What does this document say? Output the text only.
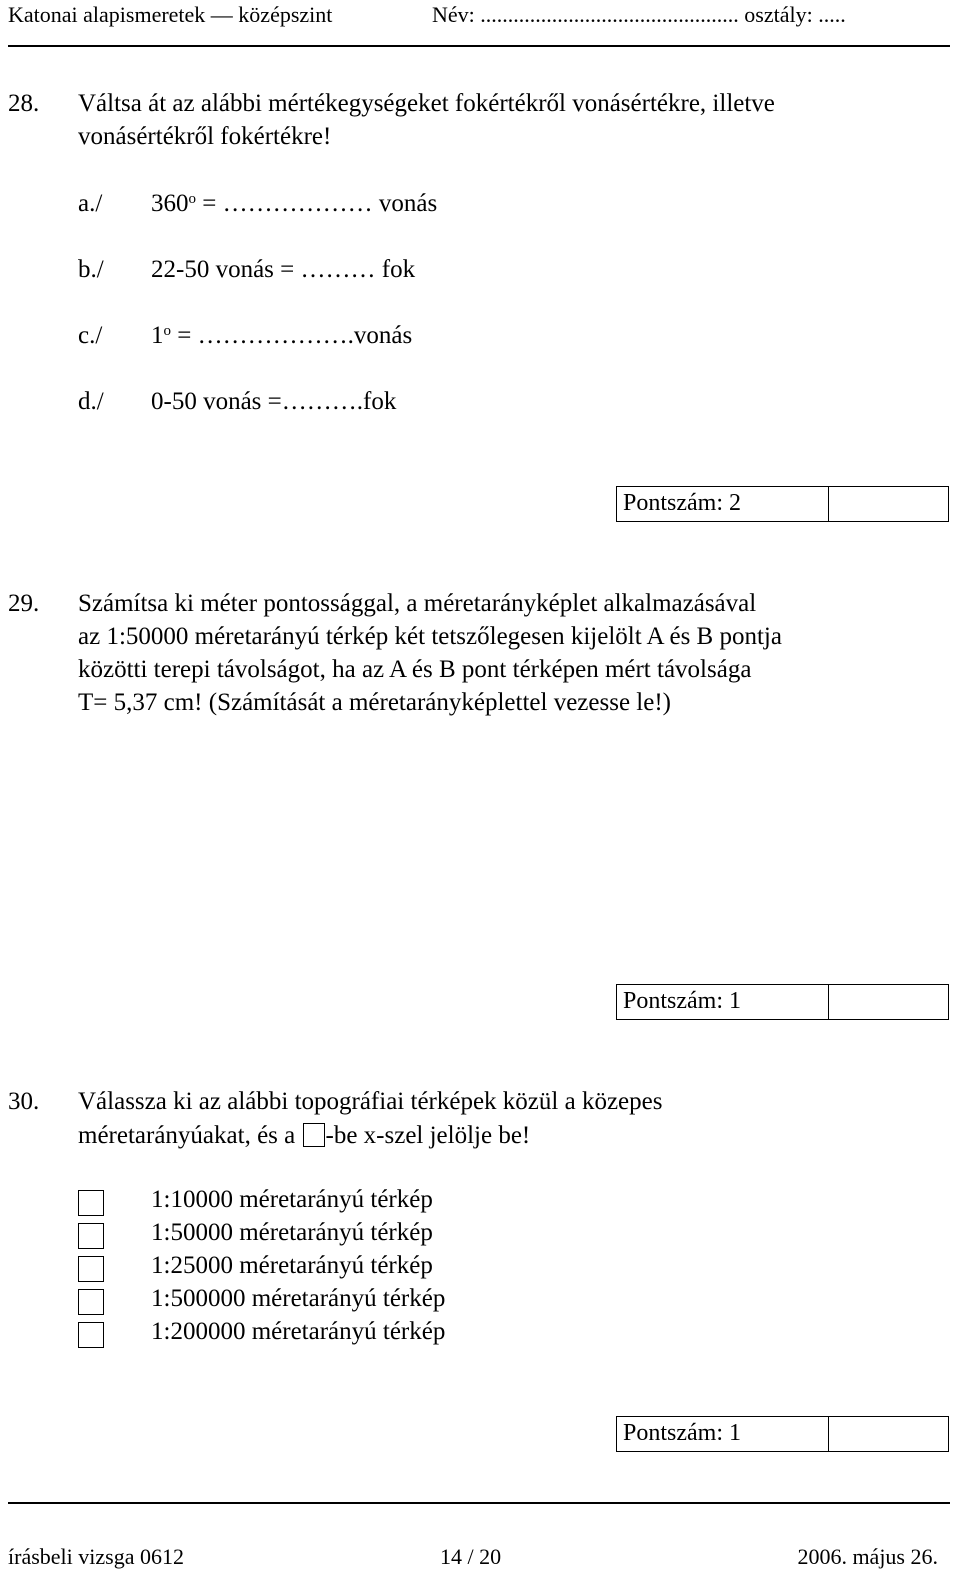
Katonai alapismeretek — középszint	Név: ............................................... osztály: .....
28. Váltsa át az alábbi mértékegységeket fokértékről vonásértékre, illetve
vonásértékről fokértékre!
a./ $360^o$ = ……………… vonás
b./ 22-50 vonás = ……… fok
c./ $1^o$ = ……………….vonás
d./ 0-50 vonás =……….fok
Pontszám: 2
29. Számítsa ki méter pontossággal, a méretarányképlet alkalmazásával
az 1:50000 méretarányú térkép két tetszőlegesen kijelölt A és B pontja
közötti terepi távolságot, ha az A és B pont térképen mért távolsága
T= 5,37 cm! (Számítását a méretarányképlettel vezesse le!)
Pontszám: 1
30. Válassza ki az alábbi topográfiai térképek közül a közepes
méretarányúakat, és a -be x-szel jelölje be!
1:10000 méretarányú térkép
1:50000 méretarányú térkép
1:25000 méretarányú térkép
1:500000 méretarányú térkép
1:200000 méretarányú térkép
Pontszám: 1
írásbeli vizsga 0612	14 / 20	2006. május 26.
